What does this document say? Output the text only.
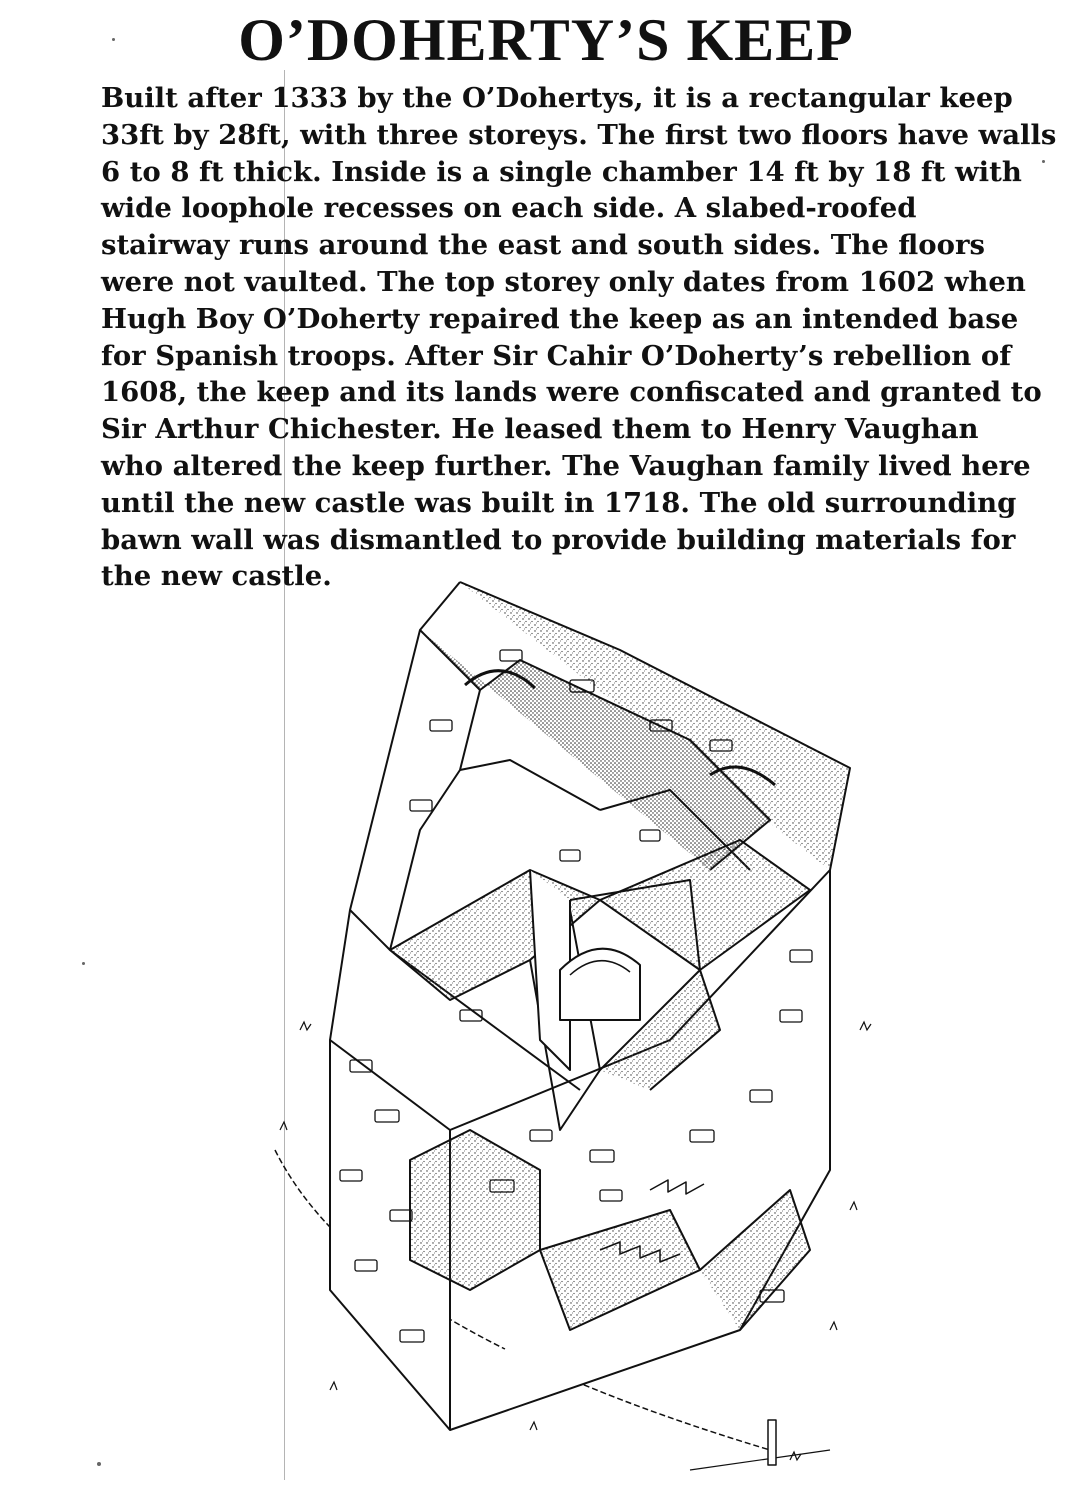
O’DOHERTY’S KEEP

Built after 1333 by the O’Dohertys, it is a rectangular keep
33ft by 28ft, with three storeys. The first two floors have walls
6 to 8 ft thick. Inside is a single chamber 14 ft by 18 ft with
wide loophole recesses on each side. A slabed-roofed
stairway runs around the east and south sides. The floors
were not vaulted. The top storey only dates from 1602 when
Hugh Boy O’Doherty repaired the keep as an intended base
for Spanish troops. After Sir Cahir O’Doherty’s rebellion of
1608, the keep and its lands were confiscated and granted to
Sir Arthur Chichester. He leased them to Henry Vaughan
who altered the keep further. The Vaughan family lived here
until the new castle was built in 1718. The old surrounding
bawn wall was dismantled to provide building materials for
the new castle.
